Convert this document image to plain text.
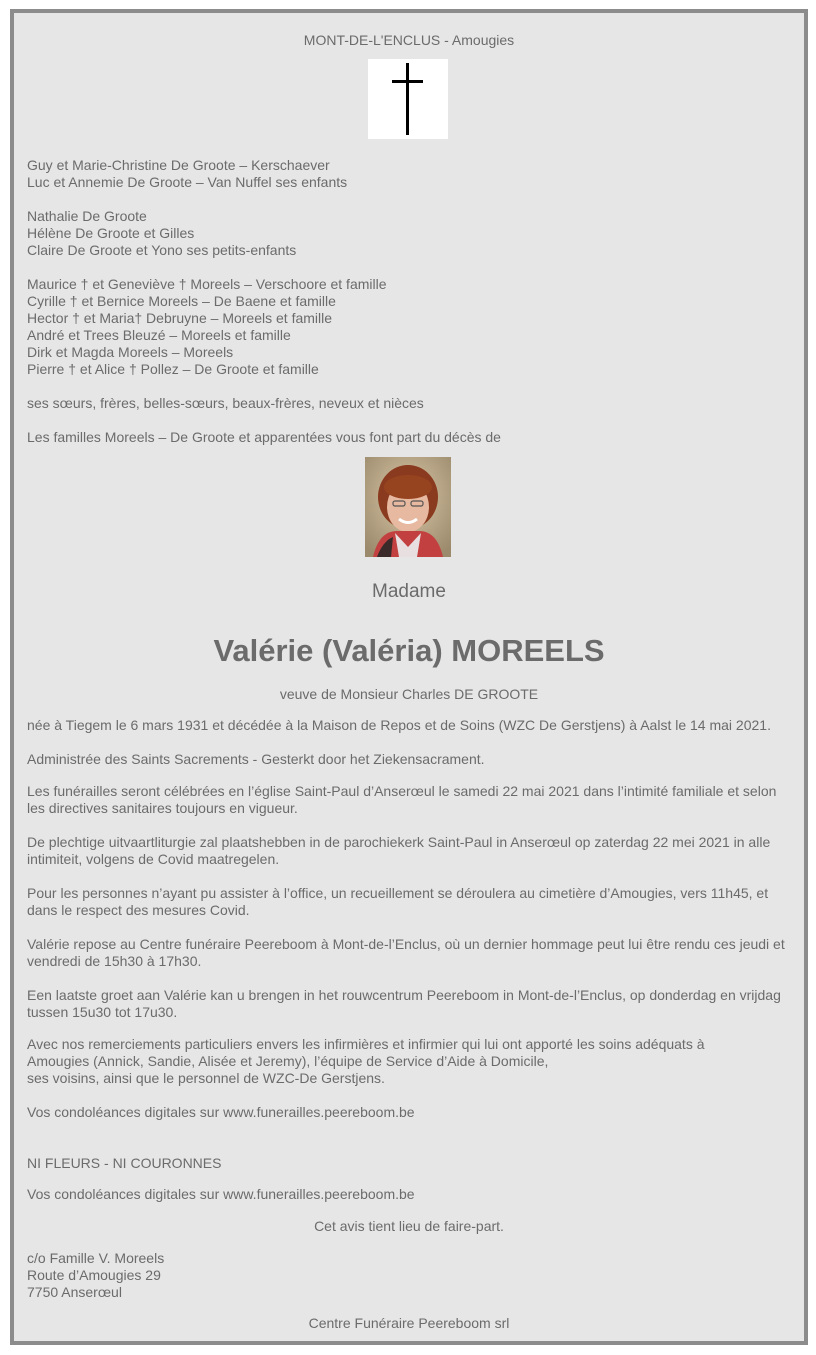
MONT-DE-L'ENCLUS - Amougies
Guy et Marie-Christine De Groote – Kerschaever
Luc et Annemie De Groote – Van Nuffel ses enfants
Nathalie De Groote
Hélène De Groote et Gilles
Claire De Groote et Yono ses petits-enfants
Maurice † et Geneviève † Moreels – Verschoore et famille
Cyrille † et Bernice Moreels – De Baene et famille
Hector † et Maria† Debruyne – Moreels et famille
André et Trees Bleuzé – Moreels et famille
Dirk et Magda Moreels – Moreels
Pierre † et Alice † Pollez – De Groote et famille
ses sœurs, frères, belles-sœurs, beaux-frères, neveux et nièces
Les familles Moreels – De Groote et apparentées vous font part du décès de
Madame
Valérie (Valéria) MOREELS
veuve de Monsieur Charles DE GROOTE
née à Tiegem le 6 mars 1931 et décédée à la Maison de Repos et de Soins (WZC De Gerstjens) à Aalst le 14 mai 2021.
Administrée des Saints Sacrements - Gesterkt door het Ziekensacrament.
Les funérailles seront célébrées en l’église Saint-Paul d’Anserœul le samedi 22 mai 2021 dans l’intimité familiale et selon les directives sanitaires toujours en vigueur.
De plechtige uitvaartliturgie zal plaatshebben in de parochiekerk Saint-Paul in Anserœul op zaterdag 22 mei 2021 in alle intimiteit, volgens de Covid maatregelen.
Pour les personnes n’ayant pu assister à l’office, un recueillement se déroulera au cimetière d’Amougies, vers 11h45, et dans le respect des mesures Covid.
Valérie repose au Centre funéraire Peereboom à Mont-de-l’Enclus, où un dernier hommage peut lui être rendu ces jeudi et vendredi de 15h30 à 17h30.
Een laatste groet aan Valérie kan u brengen in het rouwcentrum Peereboom in Mont-de-l’Enclus, op donderdag en vrijdag tussen 15u30 tot 17u30.
Avec nos remerciements particuliers envers les infirmières et infirmier qui lui ont apporté les soins adéquats à
Amougies (Annick, Sandie, Alisée et Jeremy), l’équipe de Service d’Aide à Domicile,
ses voisins, ainsi que le personnel de WZC-De Gerstjens.
Vos condoléances digitales sur www.funerailles.peereboom.be
NI FLEURS - NI COURONNES
Vos condoléances digitales sur www.funerailles.peereboom.be
Cet avis tient lieu de faire-part.
c/o Famille V. Moreels
Route d’Amougies 29
7750 Anserœul
Centre Funéraire Peereboom srl
